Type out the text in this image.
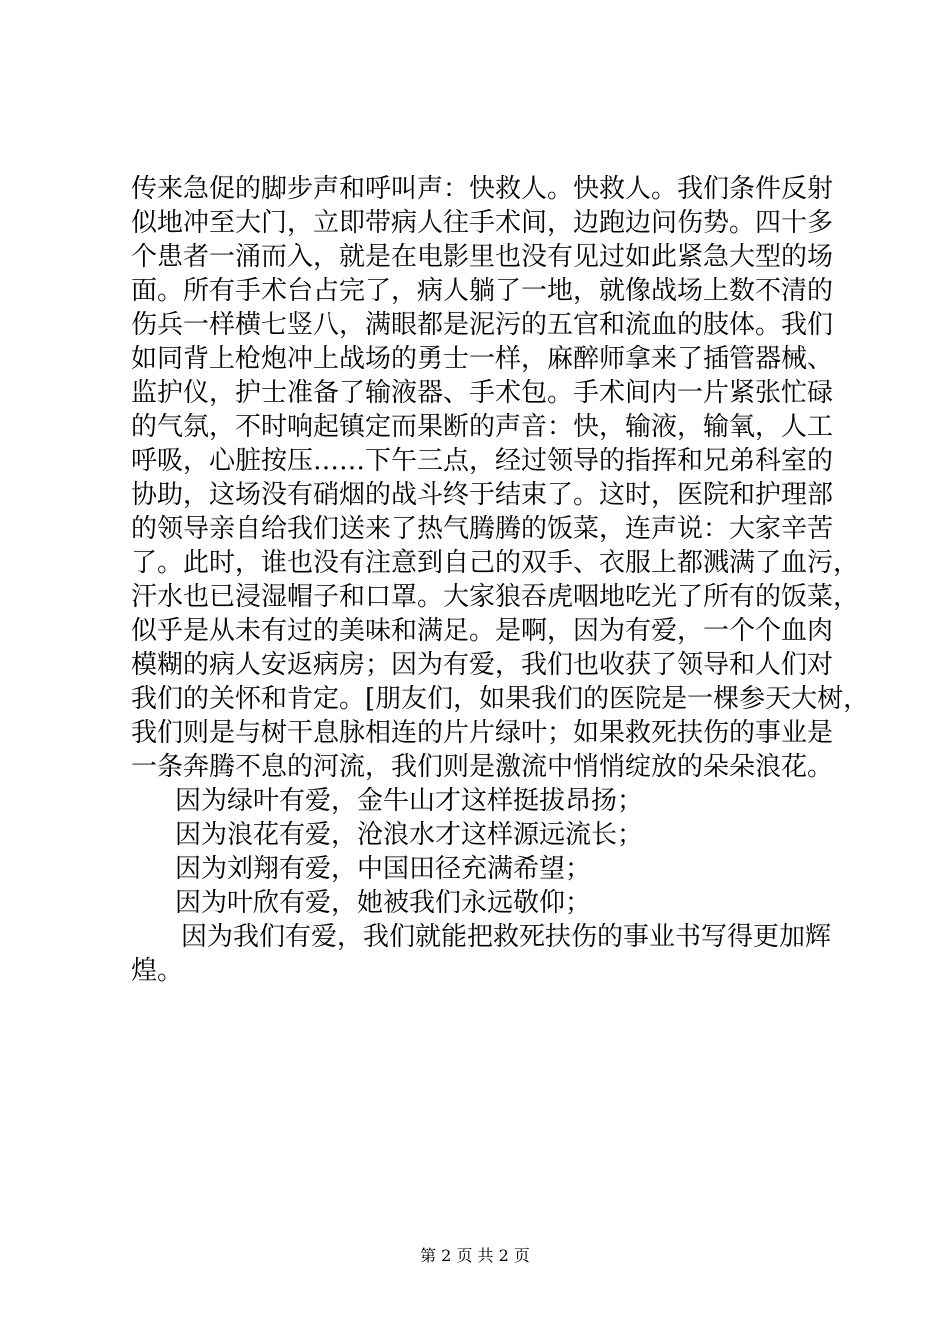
传来急促的脚步声和呼叫声：快救人。快救人。我们条件反射
似地冲至大门，立即带病人往手术间，边跑边问伤势。四十多
个患者一涌而入，就是在电影里也没有见过如此紧急大型的场
面。所有手术台占完了，病人躺了一地，就像战场上数不清的
伤兵一样横七竖八，满眼都是泥污的五官和流血的肢体。我们
如同背上枪炮冲上战场的勇士一样，麻醉师拿来了插管器械、
监护仪，护士准备了输液器、手术包。手术间内一片紧张忙碌
的气氛，不时响起镇定而果断的声音：快，输液，输氧，人工
呼吸，心脏按压……下午三点，经过领导的指挥和兄弟科室的
协助，这场没有硝烟的战斗终于结束了。这时，医院和护理部
的领导亲自给我们送来了热气腾腾的饭菜，连声说：大家辛苦
了。此时，谁也没有注意到自己的双手、衣服上都溅满了血污，
汗水也已浸湿帽子和口罩。大家狼吞虎咽地吃光了所有的饭菜，
似乎是从未有过的美味和满足。是啊，因为有爱，一个个血肉
模糊的病人安返病房；因为有爱，我们也收获了领导和人们对
我们的关怀和肯定。[朋友们，如果我们的医院是一棵参天大树，
我们则是与树干息脉相连的片片绿叶；如果救死扶伤的事业是
一条奔腾不息的河流，我们则是激流中悄悄绽放的朵朵浪花。
因为绿叶有爱，金牛山才这样挺拔昂扬；
因为浪花有爱，沧浪水才这样源远流长；
因为刘翔有爱，中国田径充满希望；
因为叶欣有爱，她被我们永远敬仰；
因为我们有爱，我们就能把救死扶伤的事业书写得更加辉
煌。
第 2 页 共 2 页
